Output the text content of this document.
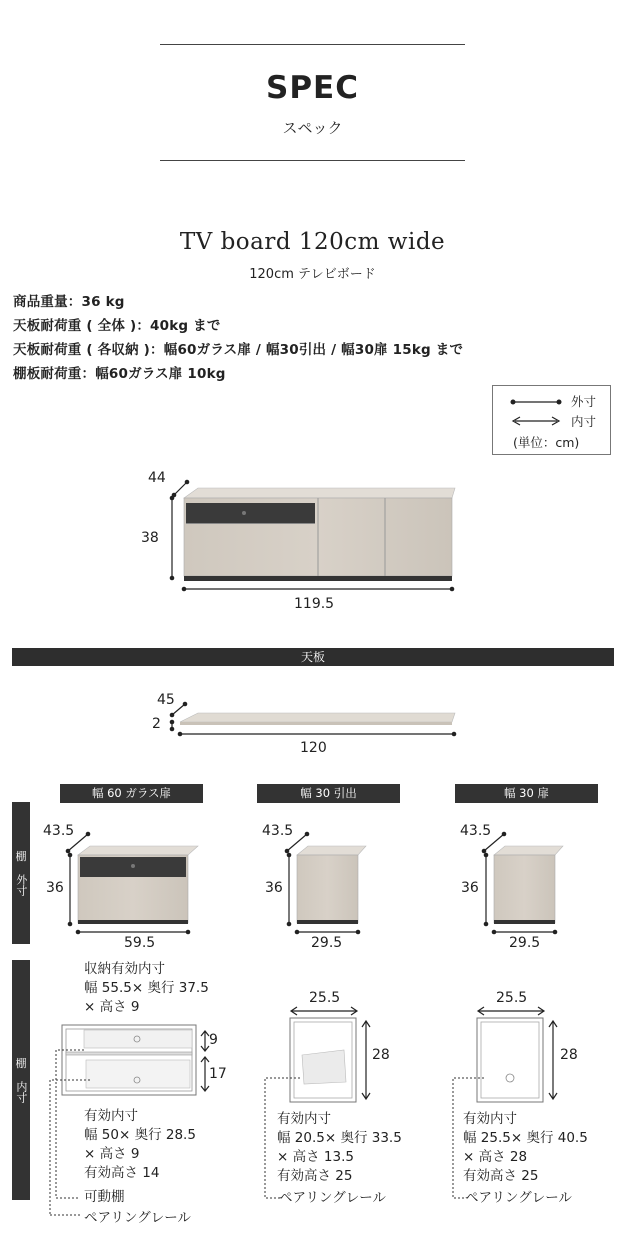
SPEC
スペック
TV board 120cm wide
120cm テレビボード
商品重量：36 kg
天板耐荷重 ( 全体 )：40kg まで
天板耐荷重 ( 各収納 )：幅60ガラス扉 / 幅30引出 / 幅30扉 15kg まで
棚板耐荷重：幅60ガラス扉 10kg
外寸
内寸
(単位：cm)
44
38
119.5
天板
45
2
120
幅 60 ガラス扉	幅 30 引出	幅 30 扉
棚
外寸
棚
内寸
43.5
36
59.5
43.5
36
29.5
43.5
36
29.5
収納有効内寸
幅 55.5× 奥行 37.5
× 高さ 9
9
17
有効内寸
幅 50× 奥行 28.5
× 高さ 9
有効高さ 14
可動棚
ペアリングレール
25.5
28
有効内寸
幅 20.5× 奥行 33.5
× 高さ 13.5
有効高さ 25
ペアリングレール
25.5
28
有効内寸
幅 25.5× 奥行 40.5
× 高さ 28
有効高さ 25
ペアリングレール
